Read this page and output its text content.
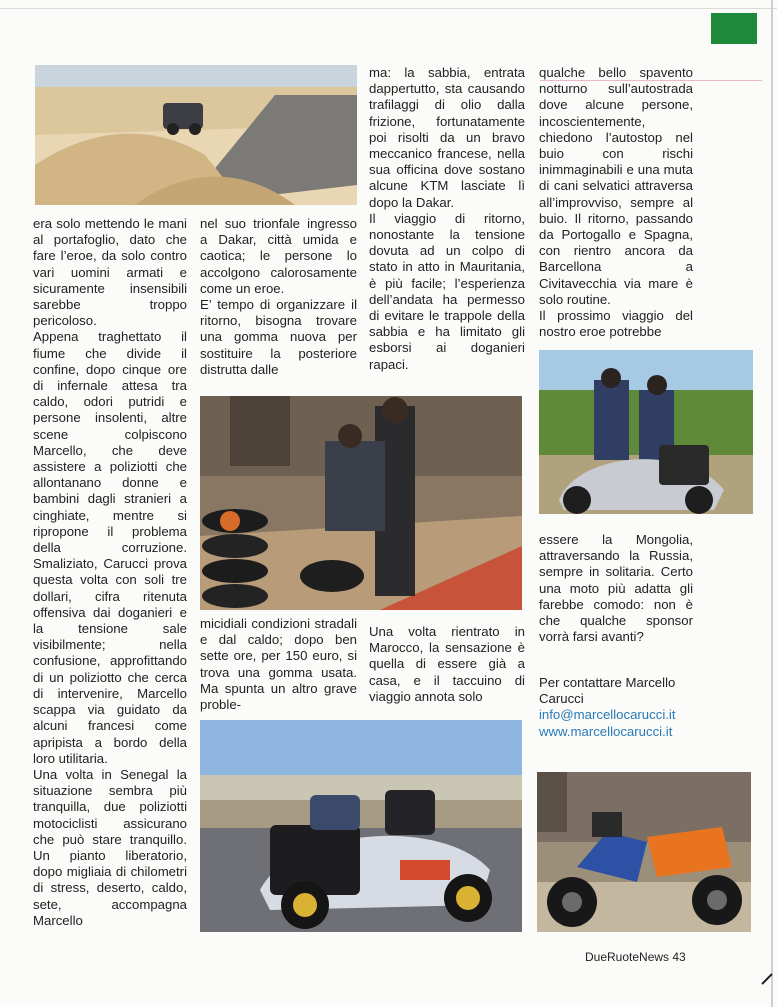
era solo mettendo le mani al portafoglio, dato che fare l’eroe, da solo contro vari uomini armati e sicuramente insensibili sarebbe troppo pericoloso.

Appena traghettato il fiume che divide il confine, dopo cinque ore di infernale attesa tra caldo, odori putridi e persone insolenti, altre scene colpiscono Marcello, che deve assistere a poliziotti che allontanano donne e bambini dagli stranieri a cinghiate, mentre si ripropone il problema della corruzione. Smaliziato, Carucci prova questa volta con soli tre dollari, cifra ritenuta offensiva dai doganieri e la tensione sale visibilmente; nella confusione, approfittando di un poliziotto che cerca di intervenire, Marcello scappa via guidato da alcuni francesi come apripista a bordo della loro utilitaria.

Una volta in Senegal la situazione sembra più tranquilla, due poliziotti motociclisti assicurano che può stare tranquillo. Un pianto liberatorio, dopo migliaia di chilometri di stress, deserto, caldo, sete, accompagna Marcello

nel suo trionfale ingresso a Dakar, città umida e caotica; le persone lo accolgono calorosamente come un eroe.

E’ tempo di organizzare il ritorno, bisogna trovare una gomma nuova per sostituire la posteriore distrutta dalle

ma: la sabbia, entrata dappertutto, sta causando trafilaggi di olio dalla frizione, fortunatamente poi risolti da un bravo meccanico francese, nella sua officina dove sostano alcune KTM lasciate lì dopo la Dakar.

Il viaggio di ritorno, nonostante la tensione dovuta ad un colpo di stato in atto in Mauritania, è più facile; l’esperienza dell’andata ha permesso di evitare le trappole della sabbia e ha limitato gli esborsi ai doganieri rapaci.

qualche bello spavento notturno sull’autostrada dove alcune persone, incoscientemente, chiedono l’autostop nel buio con rischi inimmaginabili e una muta di cani selvatici attraversa all’improvviso, sempre al buio. Il ritorno, passando da Portogallo e Spagna, con rientro ancora da Barcellona a Civitavecchia via mare è solo routine.

Il prossimo viaggio del nostro eroe potrebbe

micidiali condizioni stradali e dal caldo; dopo ben sette ore, per 150 euro, si trova una gomma usata. Ma spunta un altro grave proble-

Una volta rientrato in Marocco, la sensazione è quella di essere già a casa, e il taccuino di viaggio annota solo

essere la Mongolia, attraversando la Russia, sempre in solitaria. Certo una moto più adatta gli farebbe comodo: non è che qualche sponsor vorrà farsi avanti?

Per contattare Marcello Carucci
info@marcellocarucci.it
www.marcellocarucci.it
DueRuoteNews 43
